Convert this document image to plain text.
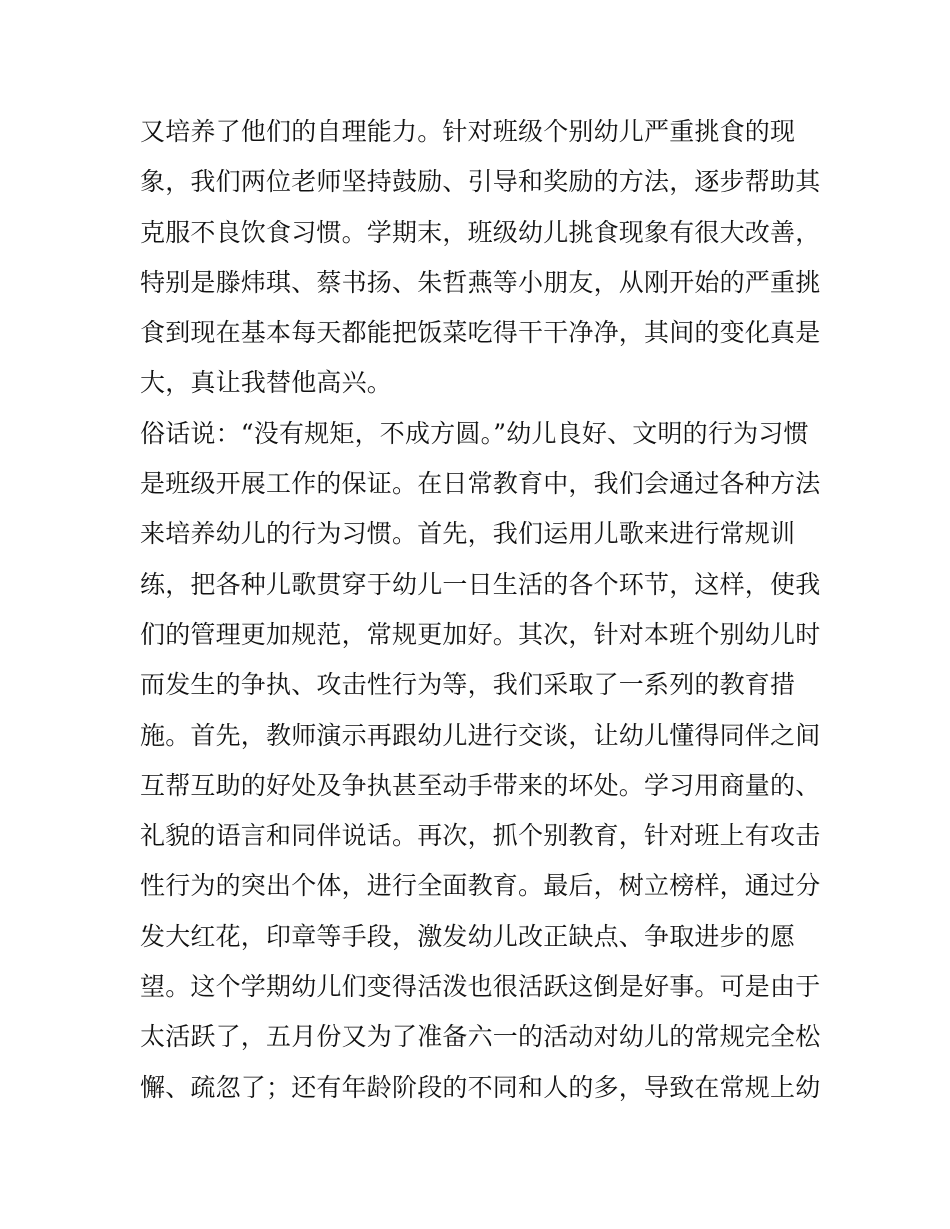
又培养了他们的自理能力。针对班级个别幼儿严重挑食的现
象，我们两位老师坚持鼓励、引导和奖励的方法，逐步帮助其
克服不良饮食习惯。学期末，班级幼儿挑食现象有很大改善，
特别是滕炜琪、蔡书扬、朱哲燕等小朋友，从刚开始的严重挑
食到现在基本每天都能把饭菜吃得干干净净，其间的变化真是
大，真让我替他高兴。
俗话说：“没有规矩，不成方圆。”幼儿良好、文明的行为习惯
是班级开展工作的保证。在日常教育中，我们会通过各种方法
来培养幼儿的行为习惯。首先，我们运用儿歌来进行常规训
练，把各种儿歌贯穿于幼儿一日生活的各个环节，这样，使我
们的管理更加规范，常规更加好。其次，针对本班个别幼儿时
而发生的争执、攻击性行为等，我们采取了一系列的教育措
施。首先，教师演示再跟幼儿进行交谈，让幼儿懂得同伴之间
互帮互助的好处及争执甚至动手带来的坏处。学习用商量的、
礼貌的语言和同伴说话。再次，抓个别教育，针对班上有攻击
性行为的突出个体，进行全面教育。最后，树立榜样，通过分
发大红花，印章等手段，激发幼儿改正缺点、争取进步的愿
望。这个学期幼儿们变得活泼也很活跃这倒是好事。可是由于
太活跃了，五月份又为了准备六一的活动对幼儿的常规完全松
懈、疏忽了；还有年龄阶段的不同和人的多，导致在常规上幼
